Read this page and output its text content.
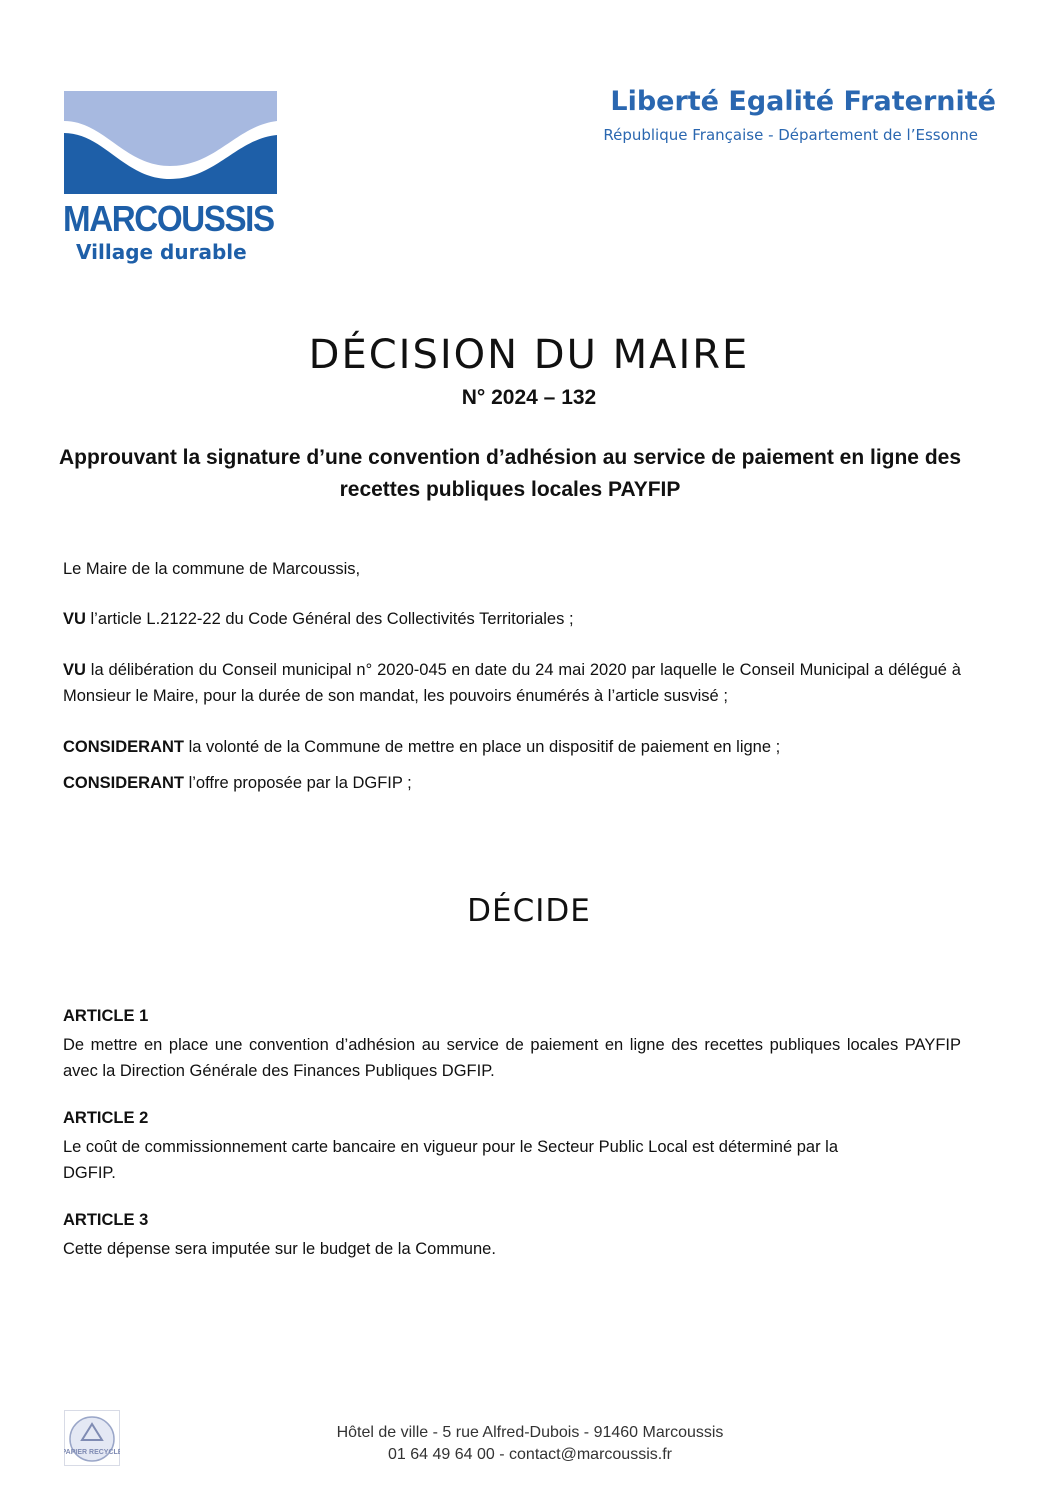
MARCOUSSIS
Village durable
Liberté Egalité Fraternité
République Française - Département de l’Essonne
DÉCISION DU MAIRE
N° 2024 – 132
Approuvant la signature d’une convention d’adhésion au service de paiement en ligne des recettes publiques locales PAYFIP
Le Maire de la commune de Marcoussis,
VU l’article L.2122-22 du Code Général des Collectivités Territoriales ;
VU la délibération du Conseil municipal n° 2020-045 en date du 24 mai 2020 par laquelle le Conseil Municipal a délégué à Monsieur le Maire, pour la durée de son mandat, les pouvoirs énumérés à l’article susvisé ;
CONSIDERANT la volonté de la Commune de mettre en place un dispositif de paiement en ligne ;
CONSIDERANT l’offre proposée par la DGFIP ;
DÉCIDE
ARTICLE 1
De mettre en place une convention d’adhésion au service de paiement en ligne des recettes publiques locales PAYFIP avec la Direction Générale des Finances Publiques DGFIP.
ARTICLE 2
Le coût de commissionnement carte bancaire en vigueur pour le Secteur Public Local est déterminé par la
DGFIP.
ARTICLE 3
Cette dépense sera imputée sur le budget de la Commune.
PAPIER RECYCLÉ
Hôtel de ville - 5 rue Alfred-Dubois - 91460 Marcoussis
01 64 49 64 00 - contact@marcoussis.fr
